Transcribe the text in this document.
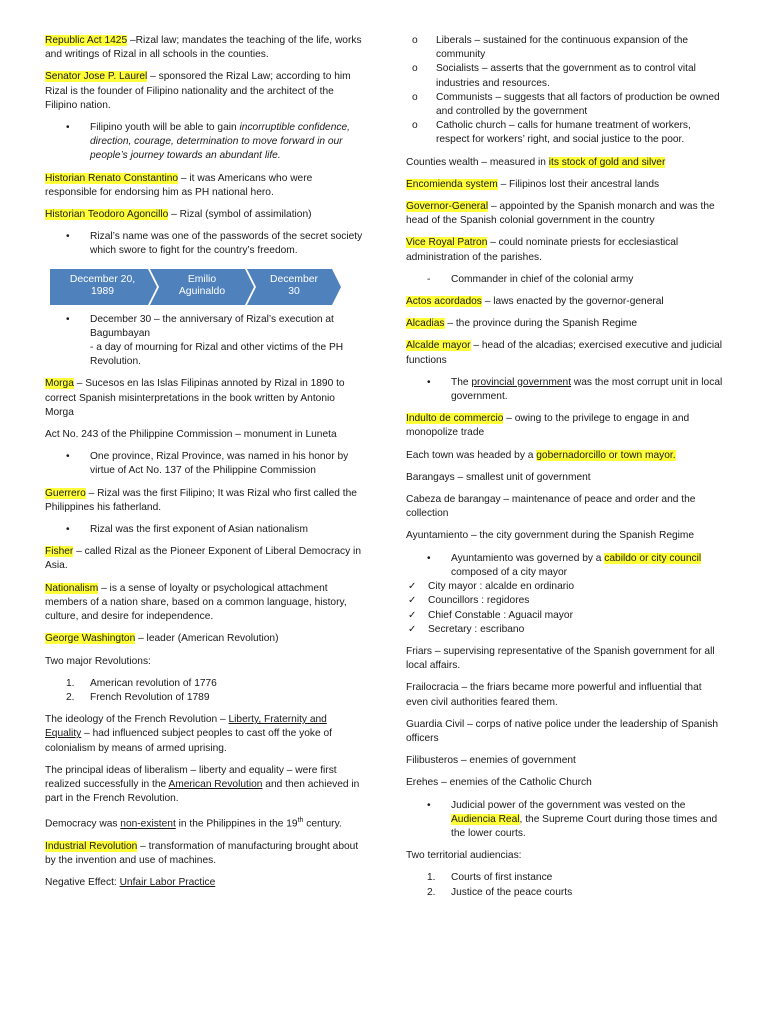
Republic Act 1425 –Rizal law; mandates the teaching of the life, works and writings of Rizal in all schools in the counties.

Senator Jose P. Laurel – sponsored the Rizal Law; according to him Rizal is the founder of Filipino nationality and the architect of the Filipino nation.

• Filipino youth will be able to gain incorruptible confidence, direction, courage, determination to move forward in our people’s journey towards an abundant life.

Historian Renato Constantino – it was Americans who were responsible for endorsing him as PH national hero.

Historian Teodoro Agoncillo – Rizal (symbol of assimilation)

• Rizal’s name was one of the passwords of the secret society which swore to fight for the country’s freedom.
December 20,
1989
Emilio
Aguinaldo
December
30
• December 30 – the anniversary of Rizal’s execution at Bagumbayan
- a day of mourning for Rizal and other victims of the PH Revolution.

Morga – Sucesos en las Islas Filipinas annoted by Rizal in 1890 to correct Spanish misinterpretations in the book written by Antonio Morga

Act No. 243 of the Philippine Commission – monument in Luneta

• One province, Rizal Province, was named in his honor by virtue of Act No. 137 of the Philippine Commission

Guerrero – Rizal was the first Filipino; It was Rizal who first called the Philippines his fatherland.

• Rizal was the first exponent of Asian nationalism

Fisher – called Rizal as the Pioneer Exponent of Liberal Democracy in Asia.

Nationalism – is a sense of loyalty or psychological attachment members of a nation share, based on a common language, history, culture, and desire for independence.

George Washington – leader (American Revolution)

Two major Revolutions:

1. American revolution of 1776
2. French Revolution of 1789

The ideology of the French Revolution – Liberty, Fraternity and Equality – had influenced subject peoples to cast off the yoke of colonialism by means of armed uprising.

The principal ideas of liberalism – liberty and equality – were first realized successfully in the American Revolution and then achieved in part in the French Revolution.

Democracy was non-existent in the Philippines in the 19th century.

Industrial Revolution – transformation of manufacturing brought about by the invention and use of machines.

Negative Effect: Unfair Labor Practice

o Liberals – sustained for the continuous expansion of the community
o Socialists – asserts that the government as to control vital industries and resources.
o Communists – suggests that all factors of production be owned and controlled by the government
o Catholic church – calls for humane treatment of workers, respect for workers’ right, and social justice to the poor.

Counties wealth – measured in its stock of gold and silver

Encomienda system – Filipinos lost their ancestral lands

Governor-General – appointed by the Spanish monarch and was the head of the Spanish colonial government in the country

Vice Royal Patron – could nominate priests for ecclesiastical administration of the parishes.

- Commander in chief of the colonial army

Actos acordados – laws enacted by the governor-general

Alcadias – the province during the Spanish Regime

Alcalde mayor – head of the alcadias; exercised executive and judicial functions

• The provincial government was the most corrupt unit in local government.

Indulto de commercio – owing to the privilege to engage in and monopolize trade

Each town was headed by a gobernadorcillo or town mayor.

Barangays – smallest unit of government

Cabeza de barangay – maintenance of peace and order and the collection

Ayuntamiento – the city government during the Spanish Regime

• Ayuntamiento was governed by a cabildo or city council composed of a city mayor
✓ City mayor : alcalde en ordinario
✓ Councillors : regidores
✓ Chief Constable : Aguacil mayor
✓ Secretary : escribano

Friars – supervising representative of the Spanish government for all local affairs.

Frailocracia – the friars became more powerful and influential that even civil authorities feared them.

Guardia Civil – corps of native police under the leadership of Spanish officers

Filibusteros – enemies of government

Erehes – enemies of the Catholic Church

• Judicial power of the government was vested on the Audiencia Real, the Supreme Court during those times and the lower courts.

Two territorial audiencias:

1. Courts of first instance
2. Justice of the peace courts
